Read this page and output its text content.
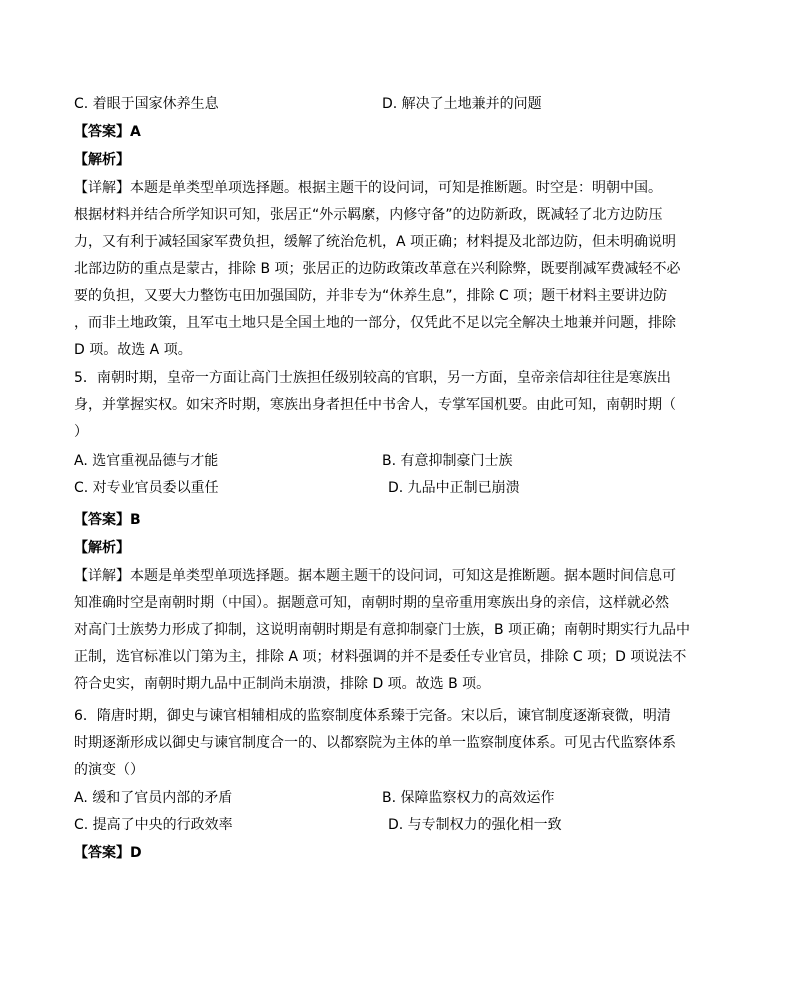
C. 着眼于国家休养生息	D. 解决了土地兼并的问题
【答案】A
【解析】
【详解】本题是单类型单项选择题。根据主题干的设问词，可知是推断题。时空是：明朝中国。
根据材料并结合所学知识可知，张居正“外示羁縻，内修守备”的边防新政，既减轻了北方边防压
力，又有利于减轻国家军费负担，缓解了统治危机，A 项正确；材料提及北部边防，但未明确说明
北部边防的重点是蒙古，排除 B 项；张居正的边防政策改革意在兴利除弊，既要削减军费减轻不必
要的负担，又要大力整饬屯田加强国防，并非专为“休养生息”，排除 C 项；题干材料主要讲边防
，而非土地政策，且军屯土地只是全国土地的一部分，仅凭此不足以完全解决土地兼并问题，排除
D 项。故选 A 项。
5．南朝时期，皇帝一方面让高门士族担任级别较高的官职，另一方面，皇帝亲信却往往是寒族出
身，并掌握实权。如宋齐时期，寒族出身者担任中书舍人，专掌军国机要。由此可知，南朝时期（
）
A. 选官重视品德与才能	B. 有意抑制豪门士族
C. 对专业官员委以重任	D. 九品中正制已崩溃
【答案】B
【解析】
【详解】本题是单类型单项选择题。据本题主题干的设问词，可知这是推断题。据本题时间信息可
知准确时空是南朝时期（中国）。据题意可知，南朝时期的皇帝重用寒族出身的亲信，这样就必然
对高门士族势力形成了抑制，这说明南朝时期是有意抑制豪门士族，B 项正确；南朝时期实行九品中
正制，选官标准以门第为主，排除 A 项；材料强调的并不是委任专业官员，排除 C 项；D 项说法不
符合史实，南朝时期九品中正制尚未崩溃，排除 D 项。故选 B 项。
6．隋唐时期，御史与谏官相辅相成的监察制度体系臻于完备。宋以后，谏官制度逐渐衰微，明清
时期逐渐形成以御史与谏官制度合一的、以都察院为主体的单一监察制度体系。可见古代监察体系
的演变（）
A. 缓和了官员内部的矛盾	B. 保障监察权力的高效运作
C. 提高了中央的行政效率	D. 与专制权力的强化相一致
【答案】D
